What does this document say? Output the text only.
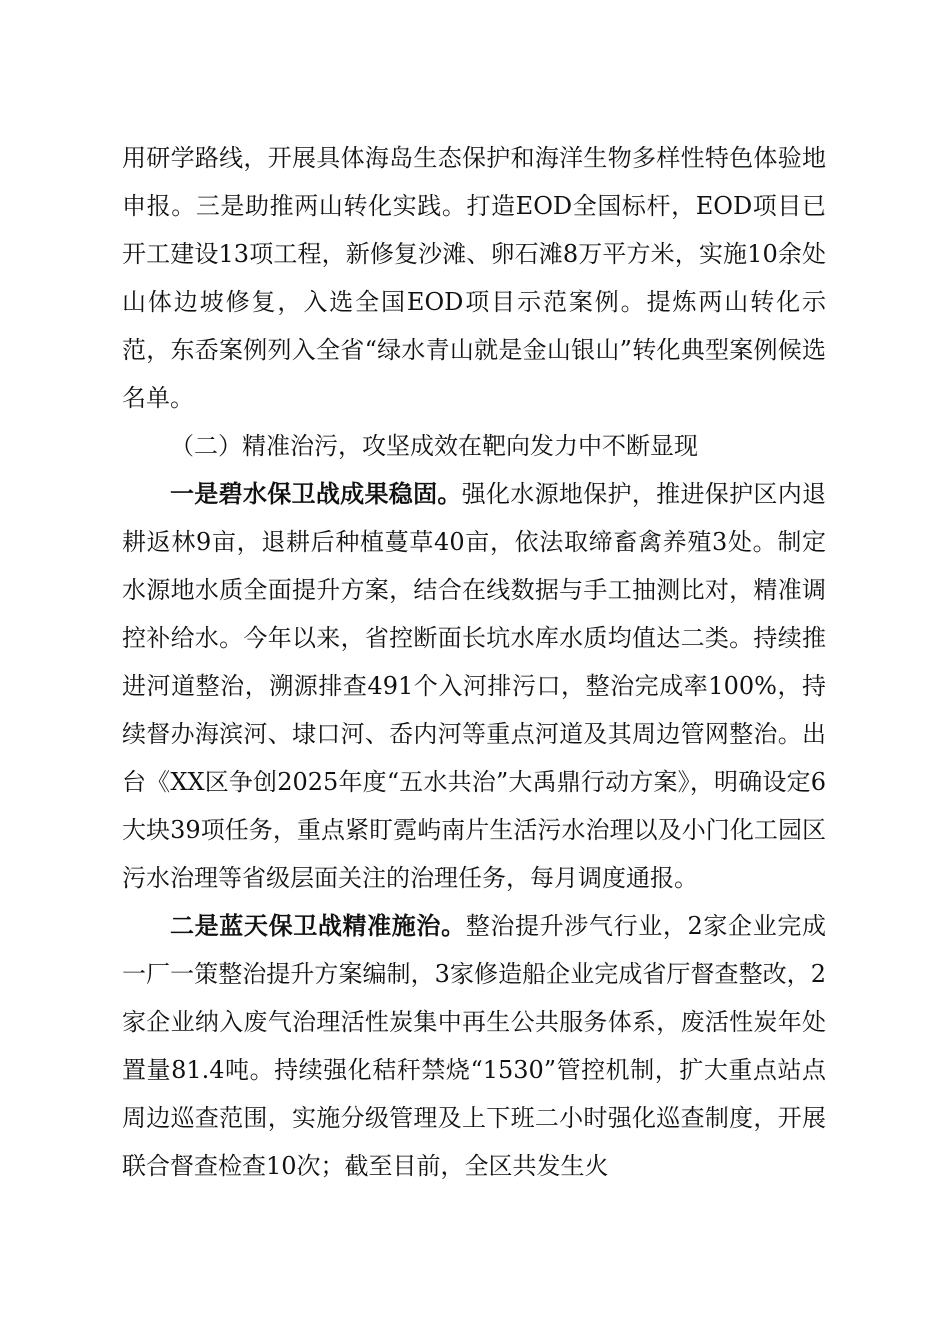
用研学路线，开展具体海岛生态保护和海洋生物多样性特色体验地申报。三是助推两山转化实践。打造EOD全国标杆，EOD项目已开工建设13项工程，新修复沙滩、卵石滩8万平方米，实施10余处山体边坡修复，入选全国EOD项目示范案例。提炼两山转化示范，东岙案例列入全省“绿水青山就是金山银山”转化典型案例候选名单。

（二）精准治污，攻坚成效在靶向发力中不断显现

一是碧水保卫战成果稳固。强化水源地保护，推进保护区内退耕返林9亩，退耕后种植蔓草40亩，依法取缔畜禽养殖3处。制定水源地水质全面提升方案，结合在线数据与手工抽测比对，精准调控补给水。今年以来，省控断面长坑水库水质均值达二类。持续推进河道整治，溯源排查491个入河排污口，整治完成率100%，持续督办海滨河、埭口河、岙内河等重点河道及其周边管网整治。出台《XX区争创2025年度“五水共治”大禹鼎行动方案》，明确设定6大块39项任务，重点紧盯霓屿南片生活污水治理以及小门化工园区污水治理等省级层面关注的治理任务，每月调度通报。

二是蓝天保卫战精准施治。整治提升涉气行业，2家企业完成一厂一策整治提升方案编制，3家修造船企业完成省厅督查整改，2家企业纳入废气治理活性炭集中再生公共服务体系，废活性炭年处置量81.4吨。持续强化秸秆禁烧“1530”管控机制，扩大重点站点周边巡查范围，实施分级管理及上下班二小时强化巡查制度，开展联合督查检查10次；截至目前，全区共发生火
